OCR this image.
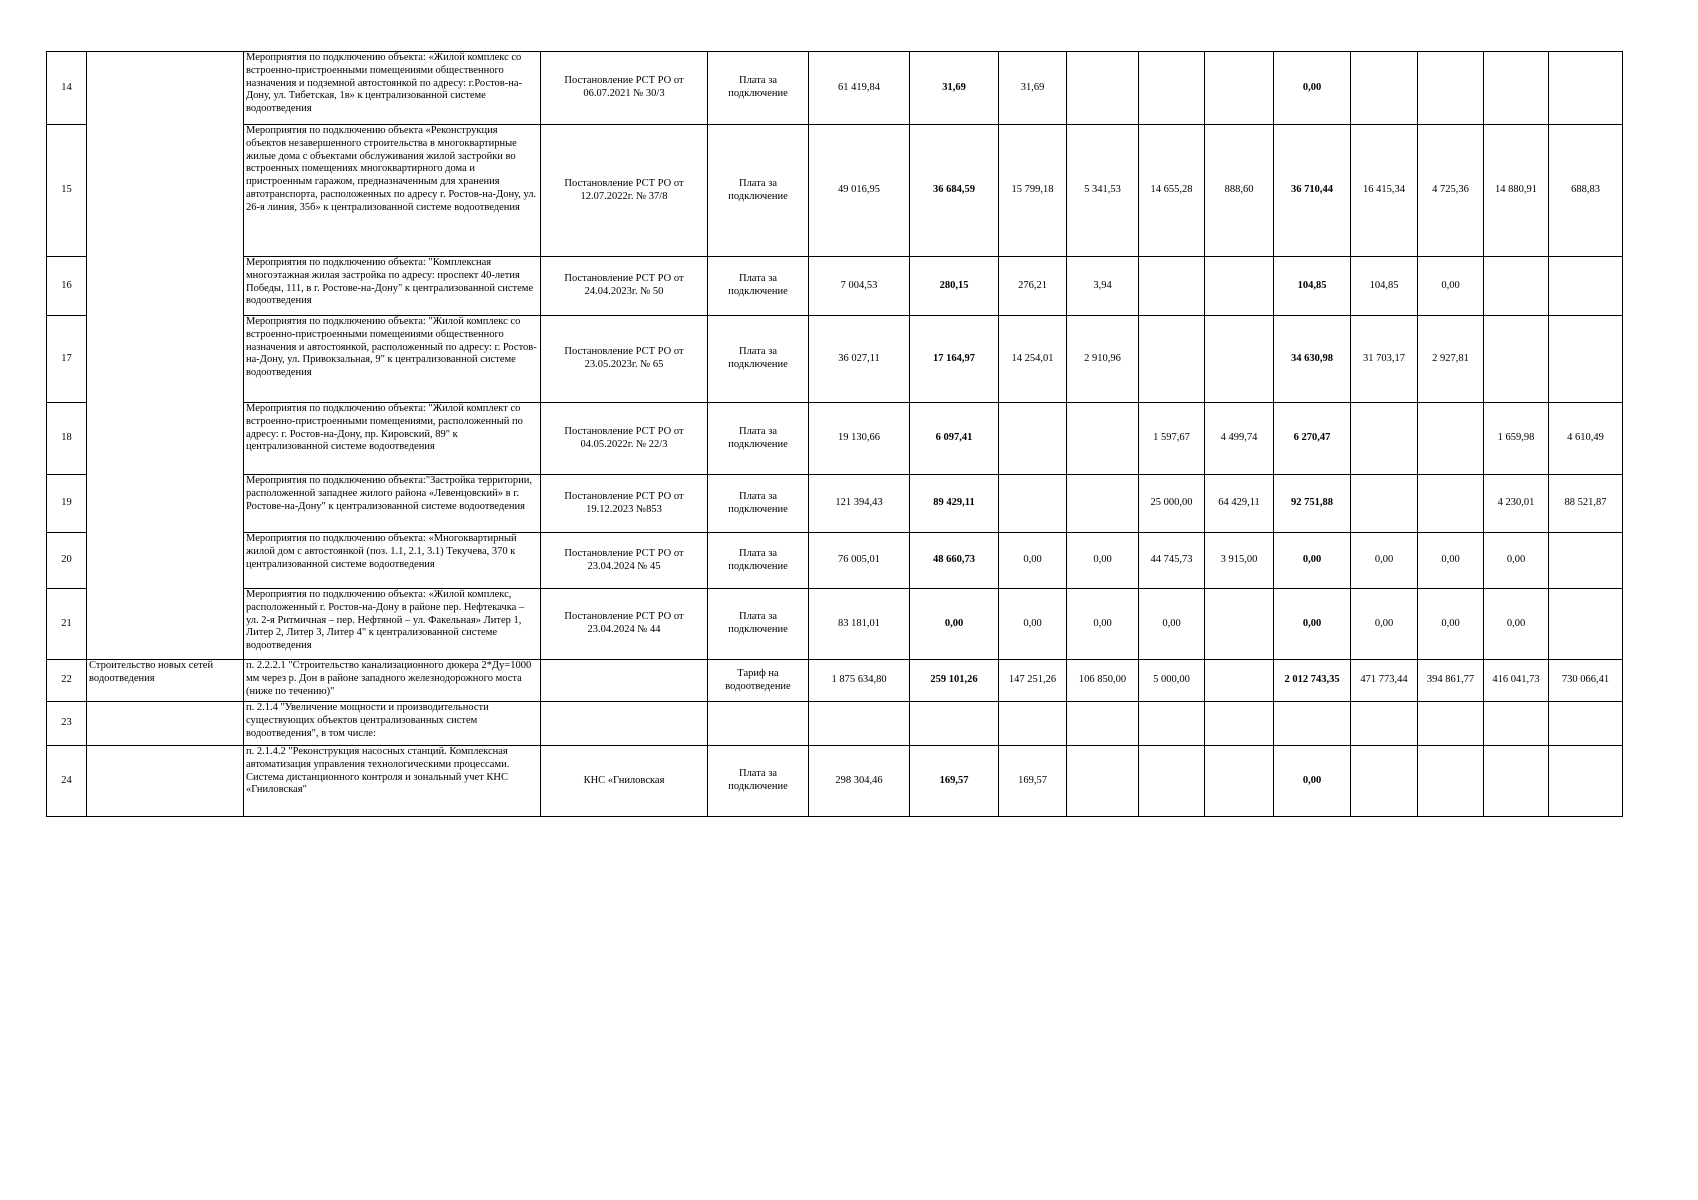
14		Мероприятия по подключению объекта: «Жилой комплекс со встроенно-пристроенными помещениями общественного назначения и подземной автостоянкой по адресу: г.Ростов-на-Дону, ул. Тибетская, 1в» к централизованной системе водоотведения	Постановление РСТ РО от 06.07.2021 № 30/3	Плата за подключение	61 419,84	31,69	31,69				0,00				
15		Мероприятия по подключению объекта «Реконструкция объектов незавершенного строительства в многоквартирные жилые дома с объектами обслуживания жилой застройки во встроенных помещениях многоквартирного дома и пристроенным гаражом, предназначенным для хранения автотранспорта, расположенных по адресу г. Ростов-на-Дону, ул. 26-я линия, 35б» к централизованной системе водоотведения	Постановление РСТ РО от 12.07.2022г. № 37/8	Плата за подключение	49 016,95	36 684,59	15 799,18	5 341,53	14 655,28	888,60	36 710,44	16 415,34	4 725,36	14 880,91	688,83
16		Мероприятия по подключению объекта: "Комплексная многоэтажная жилая застройка по адресу: проспект 40-летия Победы, 111, в г. Ростове-на-Дону" к централизованной системе водоотведения	Постановление РСТ РО от 24.04.2023г. № 50	Плата за подключение	7 004,53	280,15	276,21	3,94			104,85	104,85	0,00		
17		Мероприятия по подключению объекта: "Жилой комплекс со встроенно-пристроенными помещениями общественного назначения и автостоянкой, расположенный по адресу: г. Ростов-на-Дону, ул. Привокзальная, 9" к централизованной системе водоотведения	Постановление РСТ РО от 23.05.2023г. № 65	Плата за подключение	36 027,11	17 164,97	14 254,01	2 910,96			34 630,98	31 703,17	2 927,81		
18		Мероприятия по подключению объекта: "Жилой комплект со встроенно-пристроенными помещениями, расположенный по адресу: г. Ростов-на-Дону, пр. Кировский, 89" к централизованной системе водоотведения	Постановление РСТ РО от 04.05.2022г. № 22/3	Плата за подключение	19 130,66	6 097,41			1 597,67	4 499,74	6 270,47			1 659,98	4 610,49
19		Мероприятия по подключению объекта:"Застройка территории, расположенной западнее жилого района «Левенцовский» в г. Ростове-на-Дону" к централизованной системе водоотведения	Постановление РСТ РО от 19.12.2023 №853	Плата за подключение	121 394,43	89 429,11			25 000,00	64 429,11	92 751,88			4 230,01	88 521,87
20		Мероприятия по подключению объекта: «Многоквартирный жилой дом с автостоянкой (поз. 1.1, 2.1, 3.1) Текучева, 370 к централизованной системе водоотведения	Постановление РСТ РО от 23.04.2024 № 45	Плата за подключение	76 005,01	48 660,73	0,00	0,00	44 745,73	3 915,00	0,00	0,00	0,00	0,00	
21		Мероприятия по подключению объекта: «Жилой комплекс, расположенный г. Ростов-на-Дону в районе пер. Нефтекачка – ул. 2-я Ритмичная – пер. Нефтяной – ул. Факельная» Литер 1, Литер 2, Литер 3, Литер 4" к централизованной системе водоотведения	Постановление РСТ РО от 23.04.2024 № 44	Плата за подключение	83 181,01	0,00	0,00	0,00	0,00		0,00	0,00	0,00	0,00	
22	Строительство новых сетей водоотведения	п. 2.2.2.1 "Строительство канализационного дюкера 2*Ду=1000 мм через р. Дон в районе западного железнодорожного моста (ниже по течению)"		Тариф на водоотведение	1 875 634,80	259 101,26	147 251,26	106 850,00	5 000,00		2 012 743,35	471 773,44	394 861,77	416 041,73	730 066,41
23		п. 2.1.4 "Увеличение мощности и производительности существующих объектов централизованных систем водоотведения", в том числе:													
24		п. 2.1.4.2 "Реконструкция насосных станций. Комплексная автоматизация управления технологическими процессами. Система дистанционного контроля и зональный учет КНС «Гниловская"	КНС «Гниловская	Плата за подключение	298 304,46	169,57	169,57				0,00				
